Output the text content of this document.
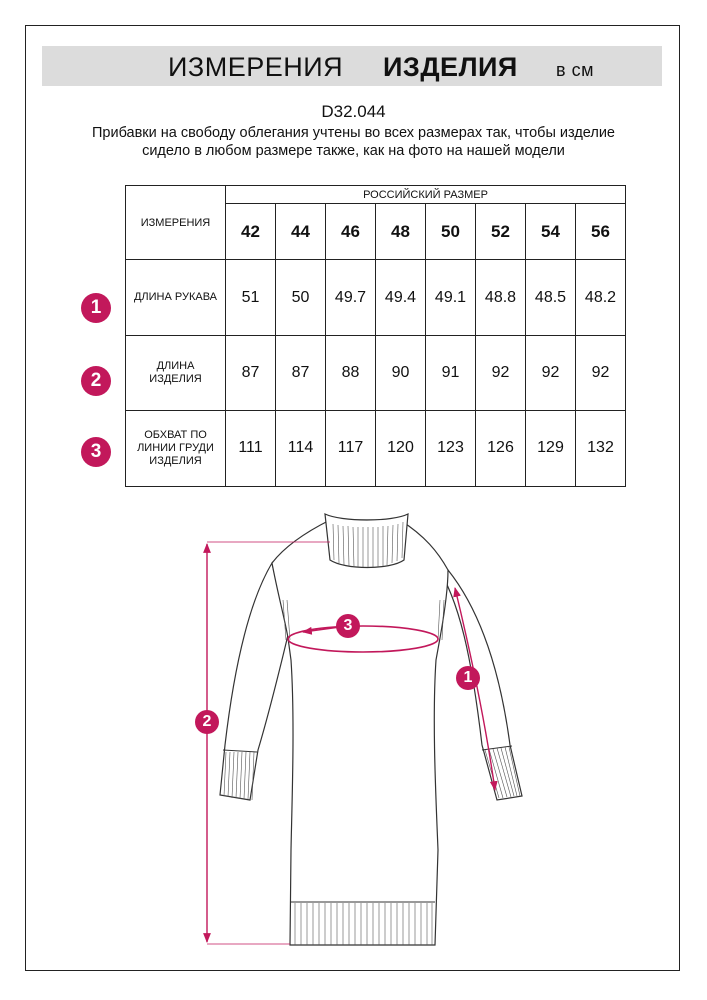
ИЗМЕРЕНИЯ ИЗДЕЛИЯ в см
D32.044
Прибавки на свободу облегания учтены во всех размерах так, чтобы изделие сидело в любом размере также, как на фото на нашей модели
ИЗМЕРЕНИЯ	РОССИЙСКИЙ РАЗМЕР							
	42	44	46	48	50	52	54	56
ДЛИНА РУКАВА	51	50	49.7	49.4	49.1	48.8	48.5	48.2
ДЛИНА ИЗДЕЛИЯ	87	87	88	90	91	92	92	92
ОБХВАТ ПО ЛИНИИ ГРУДИ ИЗДЕЛИЯ	111	114	117	120	123	126	129	132
1
2
3
1
2
3
